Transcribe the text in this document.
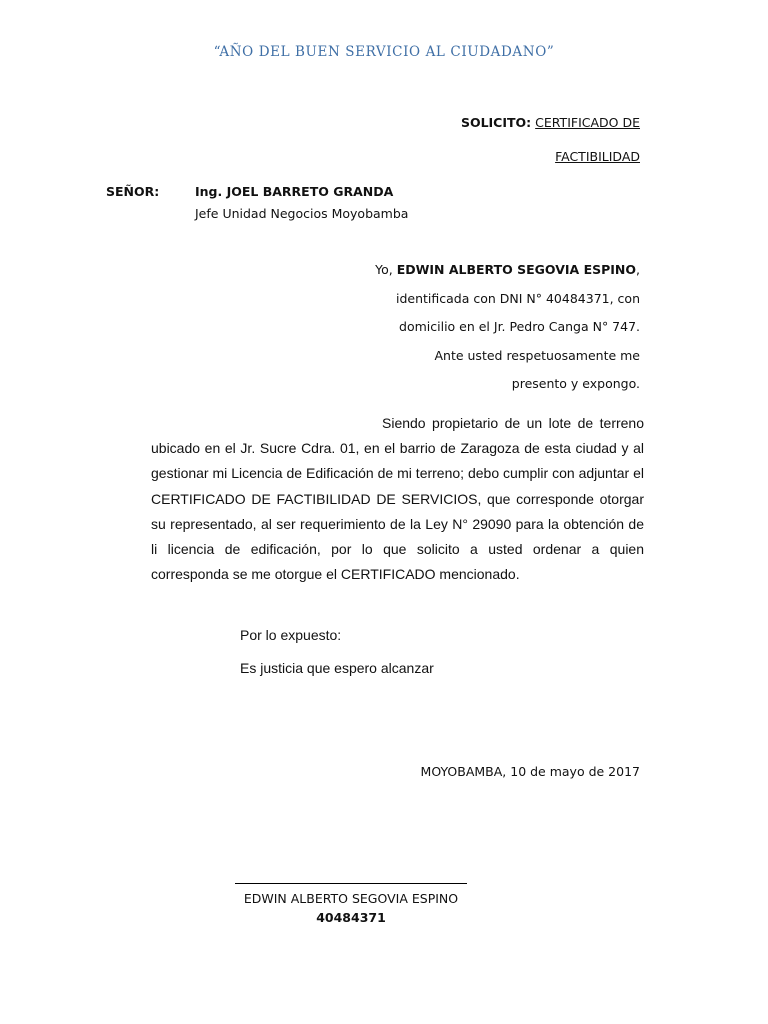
“AÑO DEL BUEN SERVICIO AL CIUDADANO”
SOLICITO: CERTIFICADO DE
FACTIBILIDAD
SEÑOR:	Ing. JOEL BARRETO GRANDA
Jefe Unidad Negocios Moyobamba
Yo, EDWIN ALBERTO SEGOVIA ESPINO,
identificada con DNI N° 40484371, con
domicilio en el Jr. Pedro Canga N° 747.
Ante usted respetuosamente me
presento y expongo.
Siendo propietario de un lote de terreno ubicado en el Jr. Sucre Cdra. 01, en el barrio de Zaragoza de esta ciudad y al gestionar mi Licencia de Edificación de mi terreno; debo cumplir con adjuntar el CERTIFICADO DE FACTIBILIDAD DE SERVICIOS, que corresponde otorgar su representado, al ser requerimiento de la Ley N° 29090 para la obtención de li licencia de edificación, por lo que solicito a usted ordenar a quien corresponda se me otorgue el CERTIFICADO mencionado.
Por lo expuesto:
Es justicia que espero alcanzar
MOYOBAMBA, 10 de mayo de 2017
EDWIN ALBERTO SEGOVIA ESPINO
40484371
